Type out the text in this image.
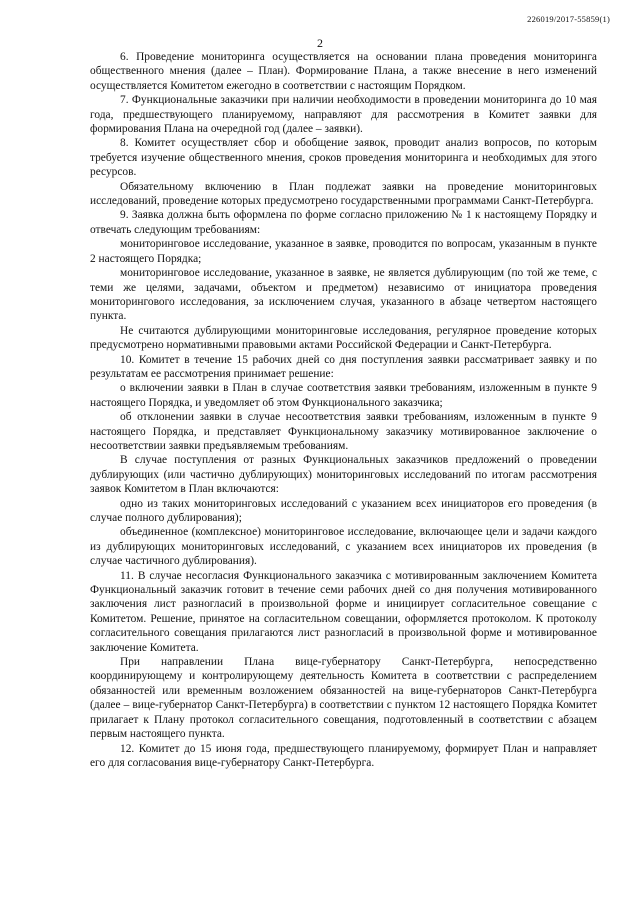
226019/2017-55859(1)
2

6. Проведение мониторинга осуществляется на основании плана проведения мониторинга общественного мнения (далее – План). Формирование Плана, а также внесение в него изменений осуществляется Комитетом ежегодно в соответствии с настоящим Порядком.

7. Функциональные заказчики при наличии необходимости в проведении мониторинга до 10 мая года, предшествующего планируемому, направляют для рассмотрения в Комитет заявки для формирования Плана на очередной год (далее – заявки).

8. Комитет осуществляет сбор и обобщение заявок, проводит анализ вопросов, по которым требуется изучение общественного мнения, сроков проведения мониторинга и необходимых для этого ресурсов.

Обязательному включению в План подлежат заявки на проведение мониторинговых исследований, проведение которых предусмотрено государственными программами Санкт-Петербурга.

9. Заявка должна быть оформлена по форме согласно приложению № 1 к настоящему Порядку и отвечать следующим требованиям:

мониторинговое исследование, указанное в заявке, проводится по вопросам, указанным в пункте 2 настоящего Порядка;

мониторинговое исследование, указанное в заявке, не является дублирующим (по той же теме, с теми же целями, задачами, объектом и предметом) независимо от инициатора проведения мониторингового исследования, за исключением случая, указанного в абзаце четвертом настоящего пункта.

Не считаются дублирующими мониторинговые исследования, регулярное проведение которых предусмотрено нормативными правовыми актами Российской Федерации и Санкт-Петербурга.

10. Комитет в течение 15 рабочих дней со дня поступления заявки рассматривает заявку и по результатам ее рассмотрения принимает решение:

о включении заявки в План в случае соответствия заявки требованиям, изложенным в пункте 9 настоящего Порядка, и уведомляет об этом Функционального заказчика;

об отклонении заявки в случае несоответствия заявки требованиям, изложенным в пункте 9 настоящего Порядка, и представляет Функциональному заказчику мотивированное заключение о несоответствии заявки предъявляемым требованиям.

В случае поступления от разных Функциональных заказчиков предложений о проведении дублирующих (или частично дублирующих) мониторинговых исследований по итогам рассмотрения заявок Комитетом в План включаются:

одно из таких мониторинговых исследований с указанием всех инициаторов его проведения (в случае полного дублирования);

объединенное (комплексное) мониторинговое исследование, включающее цели и задачи каждого из дублирующих мониторинговых исследований, с указанием всех инициаторов их проведения (в случае частичного дублирования).

11. В случае несогласия Функционального заказчика с мотивированным заключением Комитета Функциональный заказчик готовит в течение семи рабочих дней со дня получения мотивированного заключения лист разногласий в произвольной форме и инициирует согласительное совещание с Комитетом. Решение, принятое на согласительном совещании, оформляется протоколом. К протоколу согласительного совещания прилагаются лист разногласий в произвольной форме и мотивированное заключение Комитета.

При направлении Плана вице-губернатору Санкт-Петербурга, непосредственно координирующему и контролирующему деятельность Комитета в соответствии с распределением обязанностей или временным возложением обязанностей на вице-губернаторов Санкт-Петербурга (далее – вице-губернатор Санкт-Петербурга) в соответствии с пунктом 12 настоящего Порядка Комитет прилагает к Плану протокол согласительного совещания, подготовленный в соответствии с абзацем первым настоящего пункта.

12. Комитет до 15 июня года, предшествующего планируемому, формирует План и направляет его для согласования вице-губернатору Санкт-Петербурга.
